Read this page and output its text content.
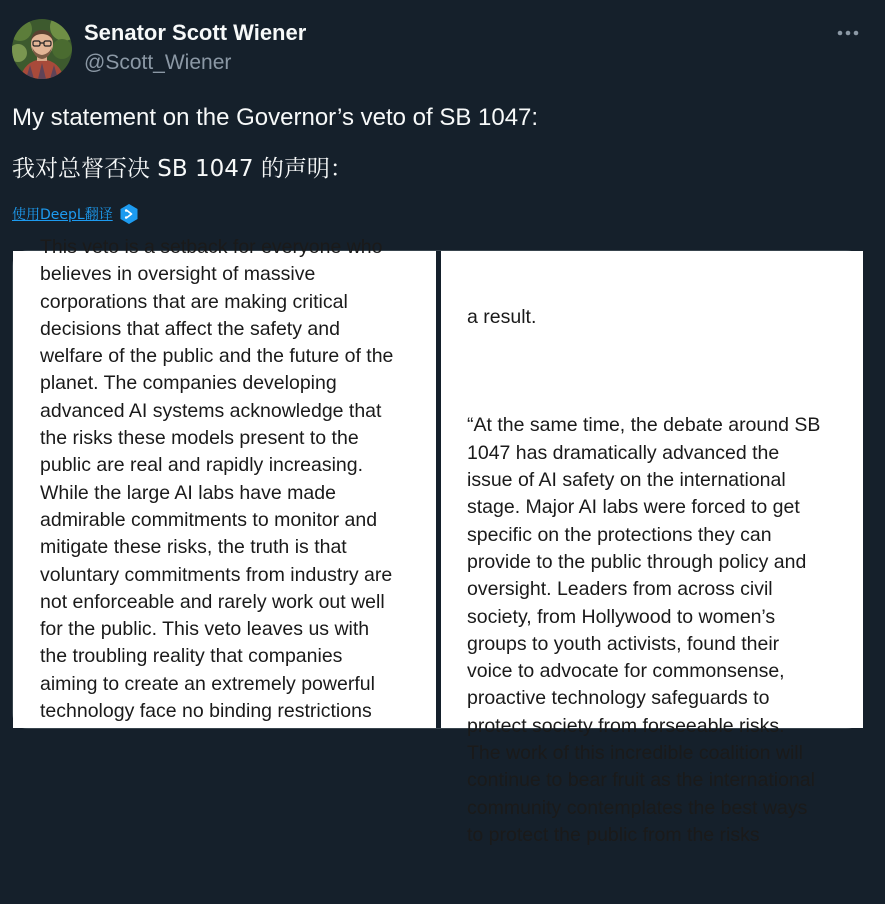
Senator Scott Wiener
@Scott_Wiener
My statement on the Governor’s veto of SB 1047:
我对总督否决 SB 1047 的声明：
使用DeepL翻译
This veto is a setback for everyone who
believes in oversight of massive
corporations that are making critical
decisions that affect the safety and
welfare of the public and the future of the
planet. The companies developing
advanced AI systems acknowledge that
the risks these models present to the
public are real and rapidly increasing.
While the large AI labs have made
admirable commitments to monitor and
mitigate these risks, the truth is that
voluntary commitments from industry are
not enforceable and rarely work out well
for the public. This veto leaves us with
the troubling reality that companies
aiming to create an extremely powerful
technology face no binding restrictions

a result.

“At the same time, the debate around SB
1047 has dramatically advanced the
issue of AI safety on the international
stage. Major AI labs were forced to get
specific on the protections they can
provide to the public through policy and
oversight. Leaders from across civil
society, from Hollywood to women’s
groups to youth activists, found their
voice to advocate for commonsense,
proactive technology safeguards to
protect society from forseeable risks.
The work of this incredible coalition will
continue to bear fruit as the international
community contemplates the best ways
to protect the public from the risks
